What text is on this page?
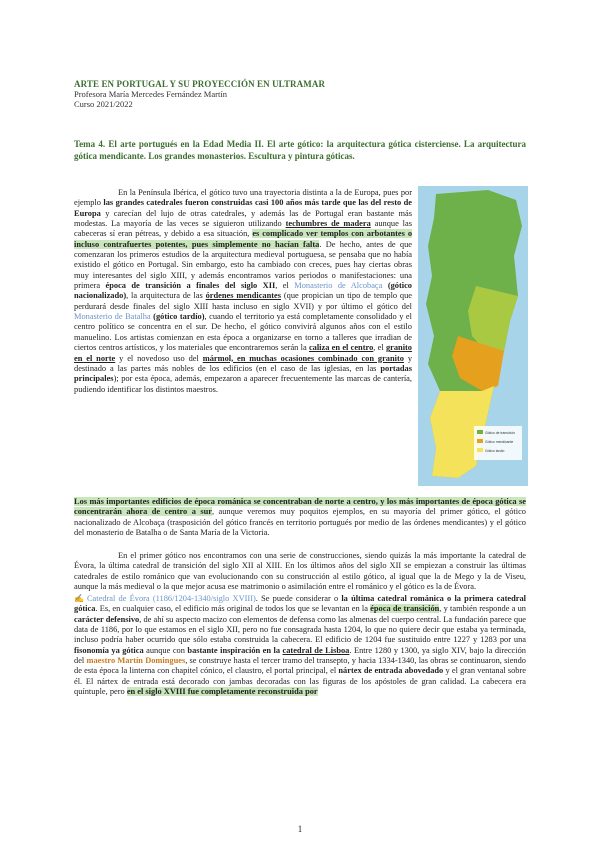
ARTE EN PORTUGAL Y SU PROYECCIÓN EN ULTRAMAR
Profesora María Mercedes Fernández Martín
Curso 2021/2022
Tema 4. El arte portugués en la Edad Media II. El arte gótico: la arquitectura gótica cisterciense. La arquitectura gótica mendicante. Los grandes monasterios. Escultura y pintura góticas.

En la Península Ibérica, el gótico tuvo una trayectoria distinta a la de Europa, pues por ejemplo las grandes catedrales fueron construidas casi 100 años más tarde que las del resto de Europa y carecían del lujo de otras catedrales, y además las de Portugal eran bastante más modestas. La mayoría de las veces se siguieron utilizando techumbres de madera aunque las cabeceras sí eran pétreas, y debido a esa situación, es complicado ver templos con arbotantes o incluso contrafuertes potentes, pues simplemente no hacían falta. De hecho, antes de que comenzaran los primeros estudios de la arquitectura medieval portuguesa, se pensaba que no había existido el gótico en Portugal. Sin embargo, esto ha cambiado con creces, pues hay ciertas obras muy interesantes del siglo XIII, y además encontramos varios periodos o manifestaciones: una primera época de transición a finales del siglo XII, el Monasterio de Alcobaça (gótico nacionalizado), la arquitectura de las órdenes mendicantes (que propician un tipo de templo que perdurará desde finales del siglo XIII hasta incluso en siglo XVII) y por último el gótico del Monasterio de Batalha (gótico tardío), cuando el territorio ya está completamente consolidado y el centro político se concentra en el sur. De hecho, el gótico convivirá algunos años con el estilo manuelino. Los artistas comienzan en esta época a organizarse en torno a talleres que irradian de ciertos centros artísticos, y los materiales que encontraremos serán la caliza en el centro, el granito en el norte y el novedoso uso del mármol, en muchas ocasiones combinado con granito y destinado a las partes más nobles de los edificios (en el caso de las iglesias, en las portadas principales); por esta época, además, empezaron a aparecer frecuentemente las marcas de cantería, pudiendo identificar los distintos maestros.

Gótico de transición
Gótico mendicante
Gótico tardío

Los más importantes edificios de época románica se concentraban de norte a centro, y los más importantes de época gótica se concentrarán ahora de centro a sur, aunque veremos muy poquitos ejemplos, en su mayoría del primer gótico, el gótico nacionalizado de Alcobaça (trasposición del gótico francés en territorio portugués por medio de las órdenes mendicantes) y el gótico del monasterio de Batalha o de Santa María de la Victoria.

En el primer gótico nos encontramos con una serie de construcciones, siendo quizás la más importante la catedral de Évora, la última catedral de transición del siglo XII al XIII. En los últimos años del siglo XII se empiezan a construir las últimas catedrales de estilo románico que van evolucionando con su construcción al estilo gótico, al igual que la de Mego y la de Viseu, aunque la más medieval o la que mejor acusa ese matrimonio o asimilación entre el románico y el gótico es la de Évora.

✍ Catedral de Évora (1186/1204-1340/siglo XVIII). Se puede considerar o la última catedral románica o la primera catedral gótica. Es, en cualquier caso, el edificio más original de todos los que se levantan en la época de transición, y también responde a un carácter defensivo, de ahí su aspecto macizo con elementos de defensa como las almenas del cuerpo central. La fundación parece que data de 1186, por lo que estamos en el siglo XII, pero no fue consagrada hasta 1204, lo que no quiere decir que estaba ya terminada, incluso podría haber ocurrido que sólo estaba construida la cabecera. El edificio de 1204 fue sustituido entre 1227 y 1283 por una fisonomía ya gótica aunque con bastante inspiración en la catedral de Lisboa. Entre 1280 y 1300, ya siglo XIV, bajo la dirección del maestro Martín Domingues, se construye hasta el tercer tramo del transepto, y hacia 1334-1340, las obras se continuaron, siendo de esta época la linterna con chapitel cónico, el claustro, el portal principal, el nártex de entrada abovedado y el gran ventanal sobre él. El nártex de entrada está decorado con jambas decoradas con las figuras de los apóstoles de gran calidad. La cabecera era quíntuple, pero en el siglo XVIII fue completamente reconstruida por

1
